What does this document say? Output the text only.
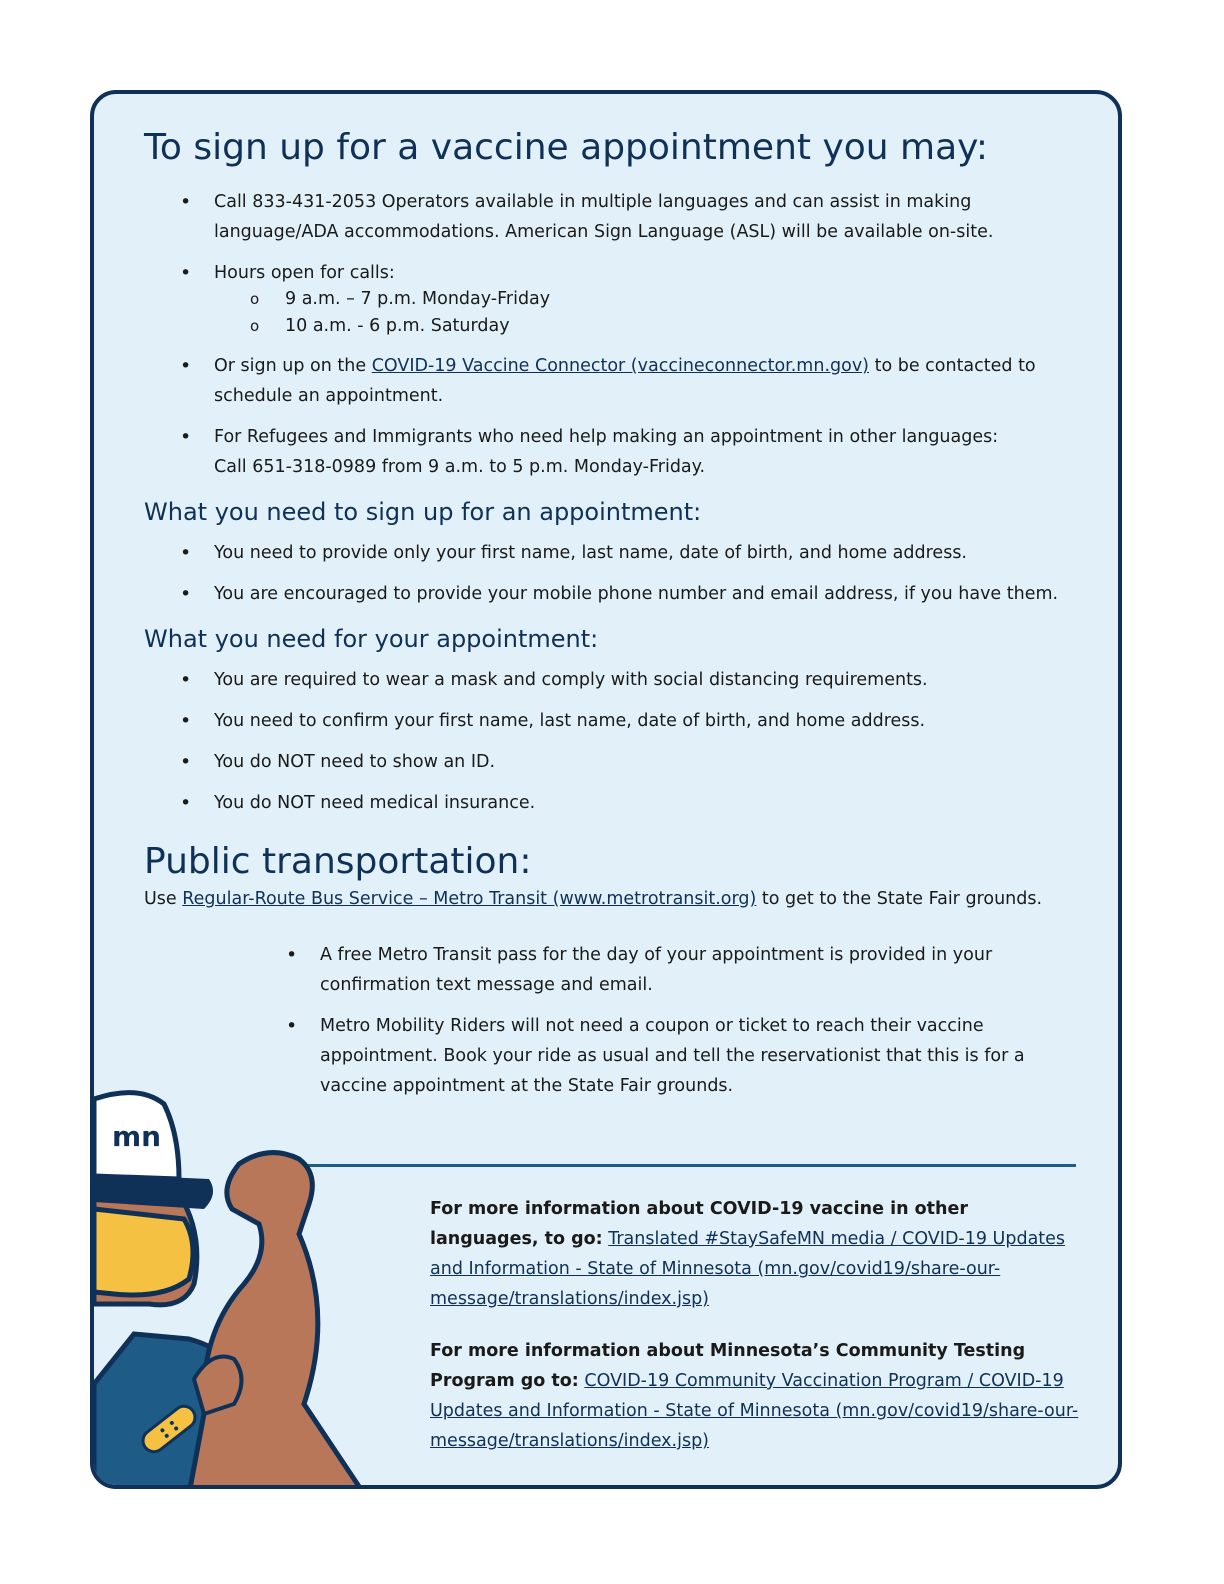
To sign up for a vaccine appointment you may:
• Call 833-431-2053 Operators available in multiple languages and can assist in making language/ADA accommodations. American Sign Language (ASL) will be available on-site.
• Hours open for calls:
o 9 a.m. – 7 p.m. Monday-Friday
o 10 a.m. - 6 p.m. Saturday
• Or sign up on the COVID-19 Vaccine Connector (vaccineconnector.mn.gov) to be contacted to schedule an appointment.
• For Refugees and Immigrants who need help making an appointment in other languages:
Call 651-318-0989 from 9 a.m. to 5 p.m. Monday-Friday.
What you need to sign up for an appointment:
• You need to provide only your first name, last name, date of birth, and home address.
• You are encouraged to provide your mobile phone number and email address, if you have them.
What you need for your appointment:
• You are required to wear a mask and comply with social distancing requirements.
• You need to confirm your first name, last name, date of birth, and home address.
• You do NOT need to show an ID.
• You do NOT need medical insurance.
Public transportation:
Use Regular-Route Bus Service – Metro Transit (www.metrotransit.org) to get to the State Fair grounds.
• A free Metro Transit pass for the day of your appointment is provided in your confirmation text message and email.
• Metro Mobility Riders will not need a coupon or ticket to reach their vaccine appointment. Book your ride as usual and tell the reservationist that this is for a vaccine appointment at the State Fair grounds.

For more information about COVID-19 vaccine in other languages, to go: Translated #StaySafeMN media / COVID-19 Updates and Information - State of Minnesota (mn.gov/covid19/share-our-message/translations/index.jsp)

For more information about Minnesota’s Community Testing Program go to: COVID-19 Community Vaccination Program / COVID-19 Updates and Information - State of Minnesota (mn.gov/covid19/share-our-message/translations/index.jsp)

mn
